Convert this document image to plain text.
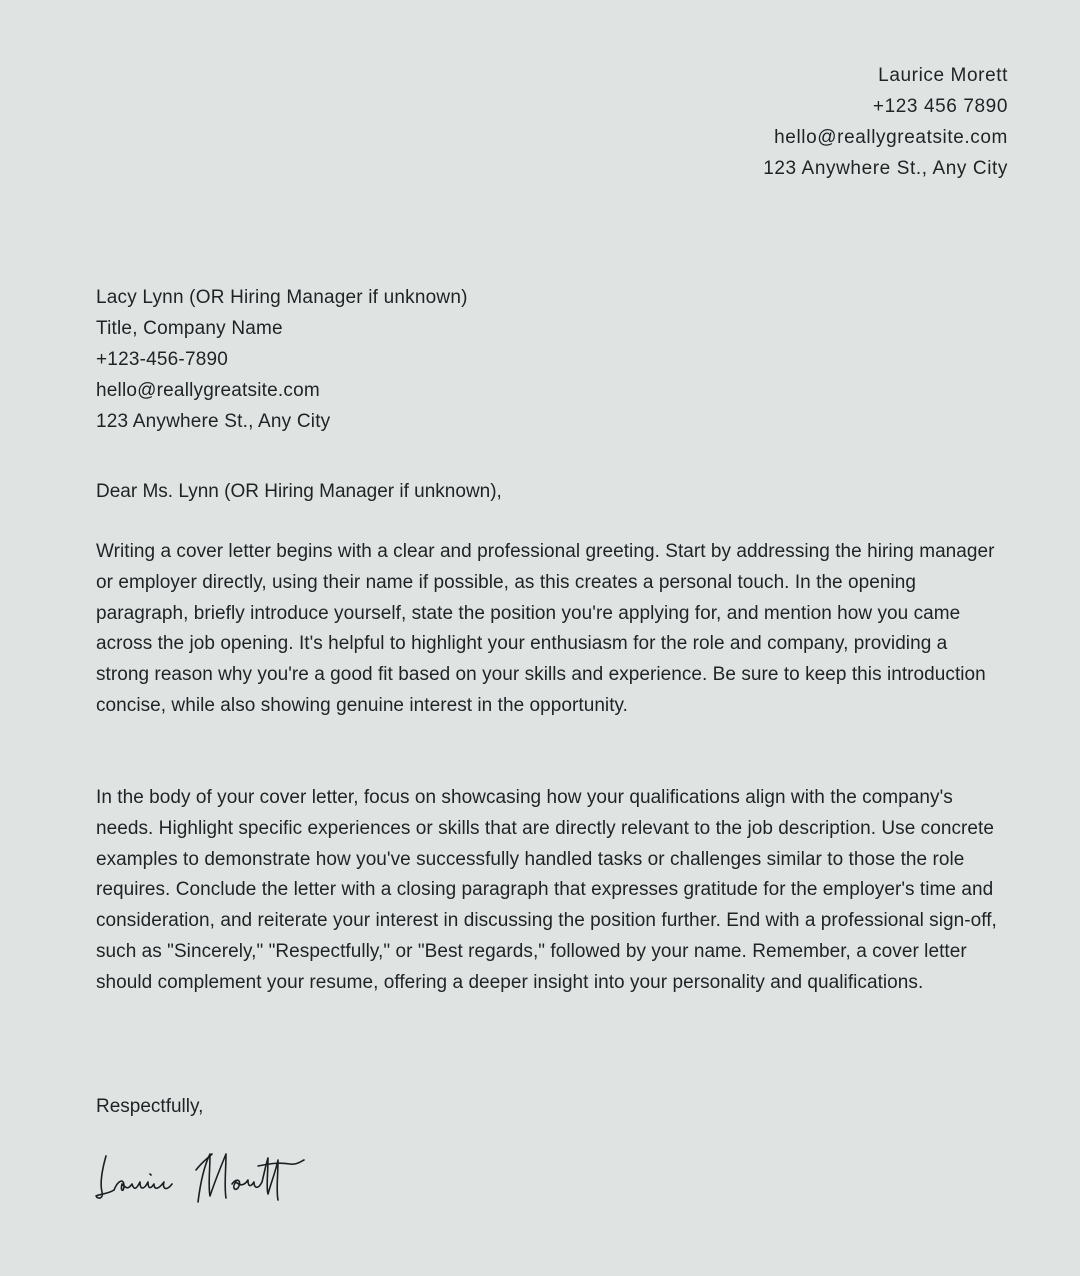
Laurice Morett
+123 456 7890
hello@reallygreatsite.com
123 Anywhere St., Any City
Lacy Lynn (OR Hiring Manager if unknown)
Title, Company Name
+123-456-7890
hello@reallygreatsite.com
123 Anywhere St., Any City
Dear Ms. Lynn (OR Hiring Manager if unknown),
Writing a cover letter begins with a clear and professional greeting. Start by addressing the hiring manager or employer directly, using their name if possible, as this creates a personal touch. In the opening paragraph, briefly introduce yourself, state the position you're applying for, and mention how you came across the job opening. It's helpful to highlight your enthusiasm for the role and company, providing a strong reason why you're a good fit based on your skills and experience. Be sure to keep this introduction concise, while also showing genuine interest in the opportunity.
In the body of your cover letter, focus on showcasing how your qualifications align with the company's needs. Highlight specific experiences or skills that are directly relevant to the job description. Use concrete examples to demonstrate how you've successfully handled tasks or challenges similar to those the role requires. Conclude the letter with a closing paragraph that expresses gratitude for the employer's time and consideration, and reiterate your interest in discussing the position further. End with a professional sign-off, such as "Sincerely," "Respectfully," or "Best regards," followed by your name. Remember, a cover letter should complement your resume, offering a deeper insight into your personality and qualifications.
Respectfully,
